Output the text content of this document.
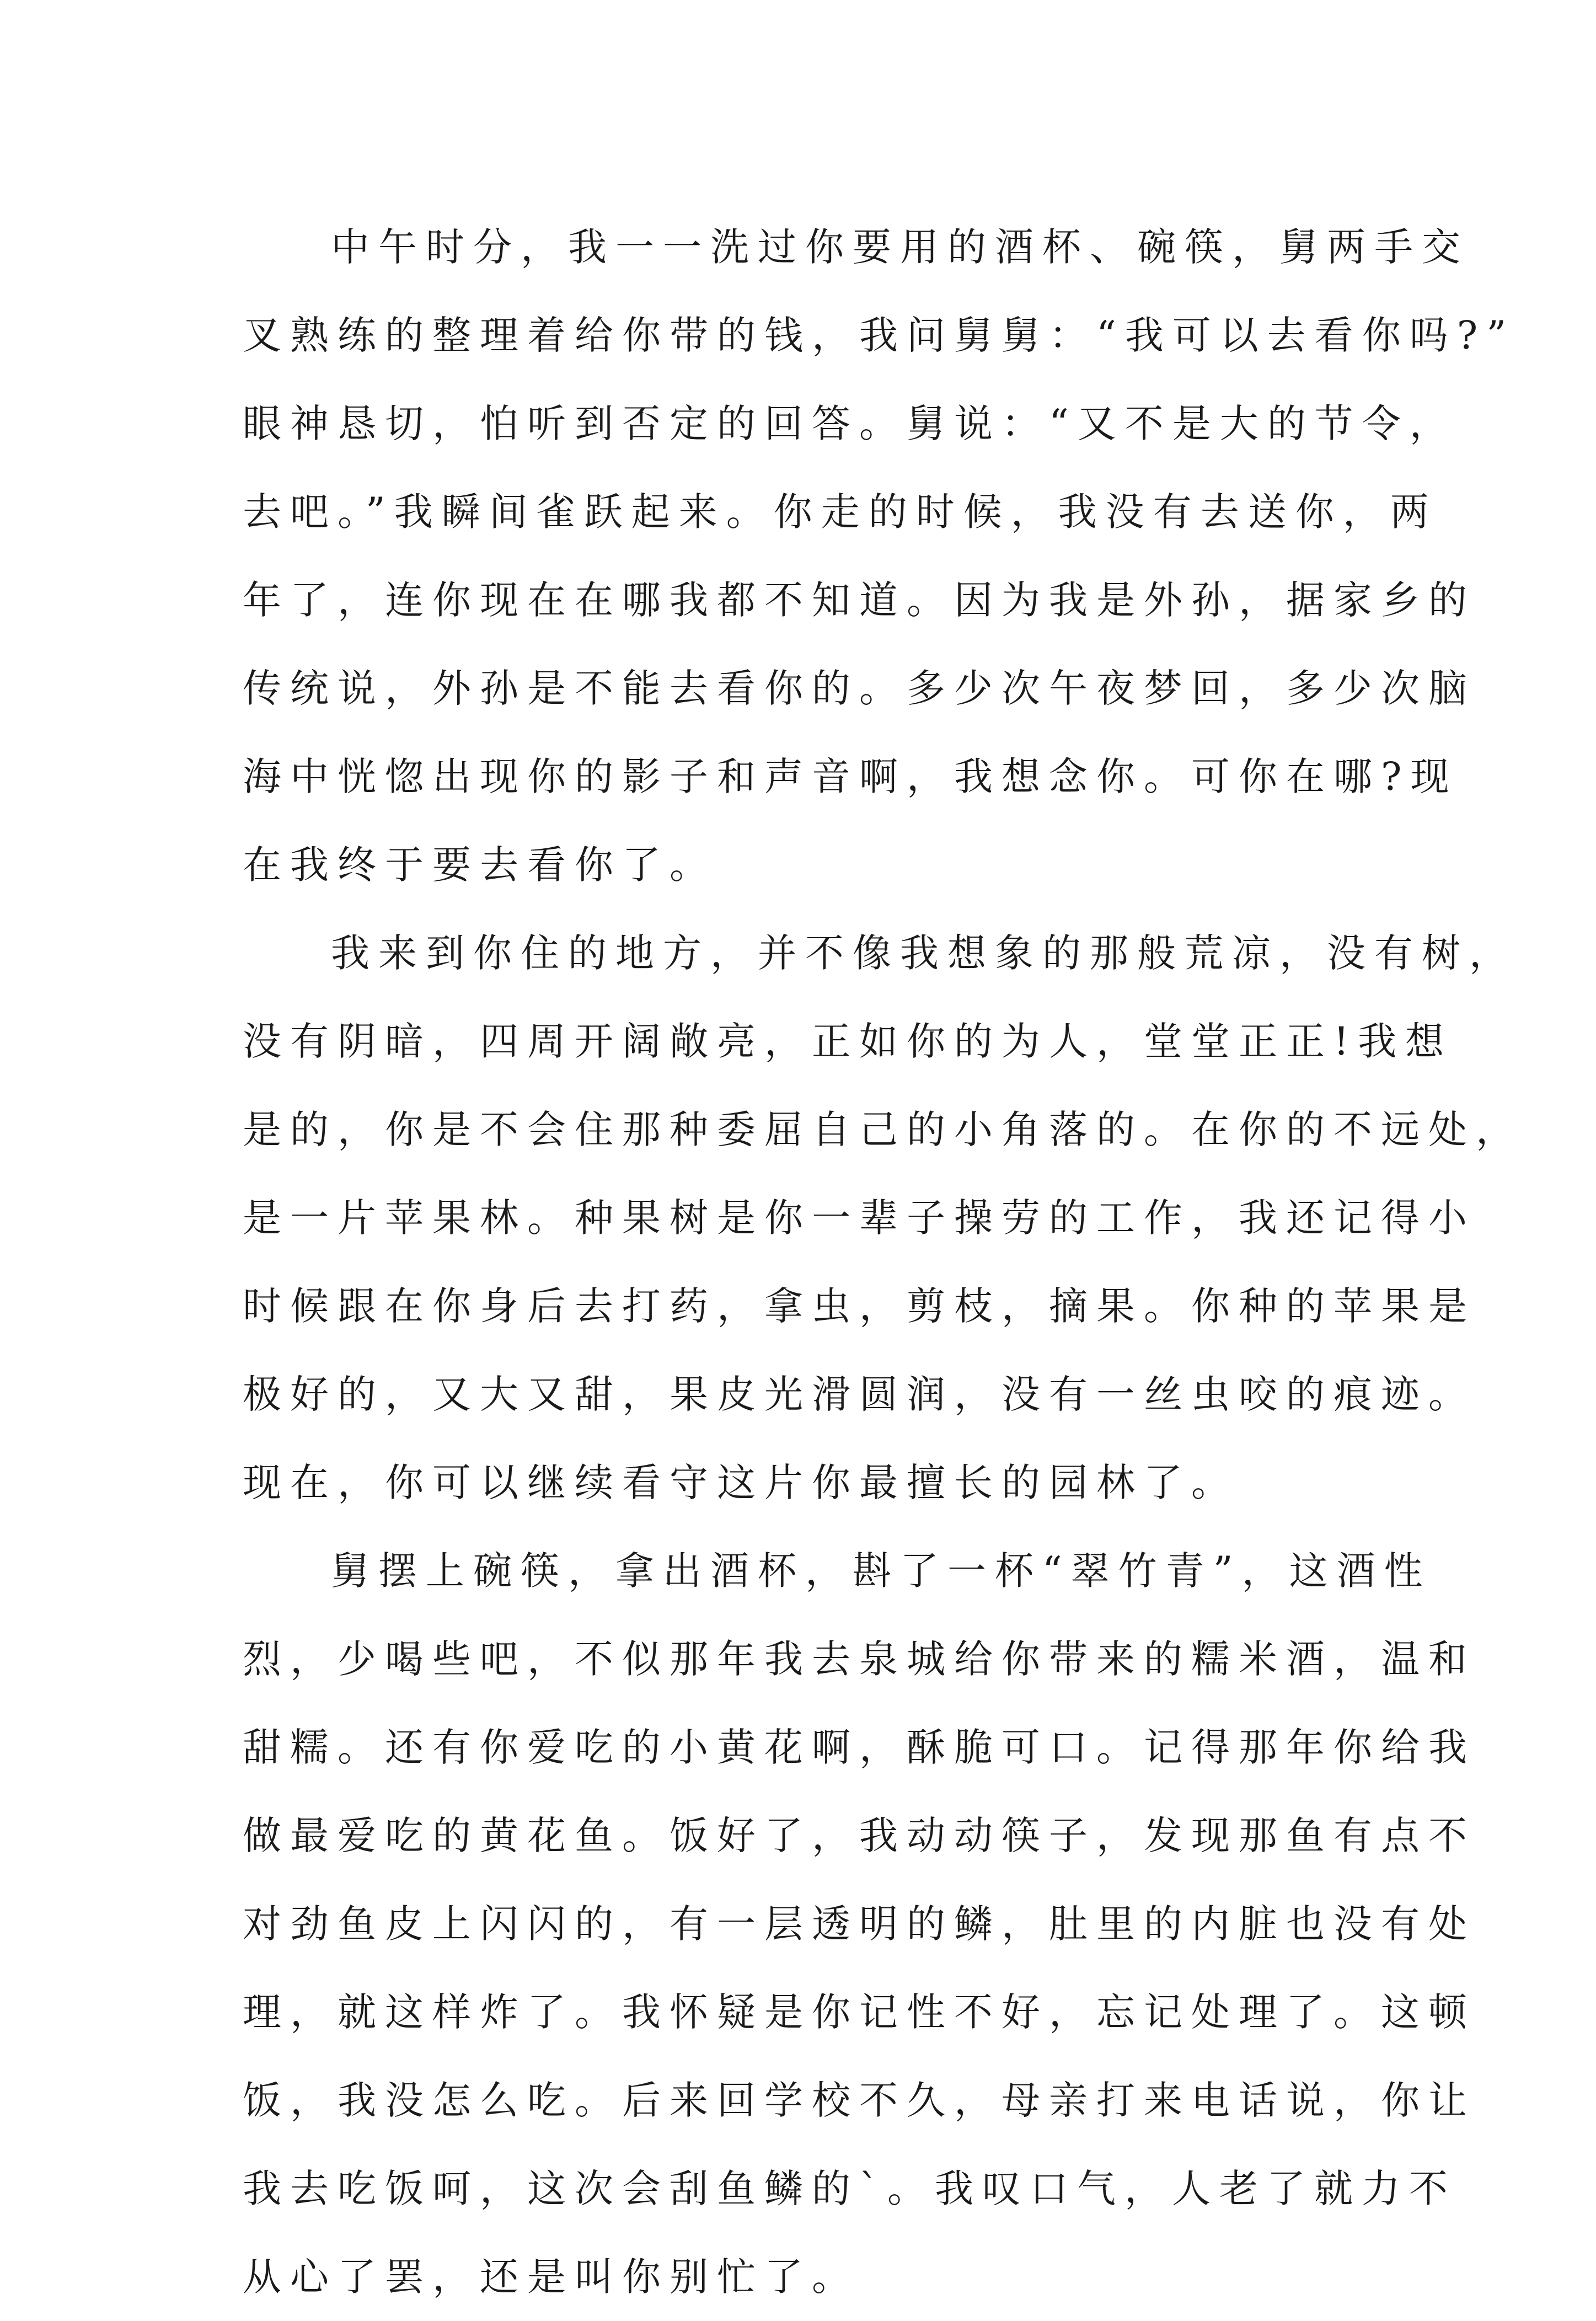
中午时分，我一一洗过你要用的酒杯、碗筷，舅两手交
叉熟练的整理着给你带的钱，我问舅舅：“我可以去看你吗?”
眼神恳切，怕听到否定的回答。舅说：“又不是大的节令，
去吧。”我瞬间雀跃起来。你走的时候，我没有去送你，两
年了，连你现在在哪我都不知道。因为我是外孙，据家乡的
传统说，外孙是不能去看你的。多少次午夜梦回，多少次脑
海中恍惚出现你的影子和声音啊，我想念你。可你在哪?现
在我终于要去看你了。
我来到你住的地方，并不像我想象的那般荒凉，没有树，
没有阴暗，四周开阔敞亮，正如你的为人，堂堂正正!我想
是的，你是不会住那种委屈自己的小角落的。在你的不远处，
是一片苹果林。种果树是你一辈子操劳的工作，我还记得小
时候跟在你身后去打药，拿虫，剪枝，摘果。你种的苹果是
极好的，又大又甜，果皮光滑圆润，没有一丝虫咬的痕迹。
现在，你可以继续看守这片你最擅长的园林了。
舅摆上碗筷，拿出酒杯，斟了一杯“翠竹青”，这酒性
烈，少喝些吧，不似那年我去泉城给你带来的糯米酒，温和
甜糯。还有你爱吃的小黄花啊，酥脆可口。记得那年你给我
做最爱吃的黄花鱼。饭好了，我动动筷子，发现那鱼有点不
对劲鱼皮上闪闪的，有一层透明的鳞，肚里的内脏也没有处
理，就这样炸了。我怀疑是你记性不好，忘记处理了。这顿
饭，我没怎么吃。后来回学校不久，母亲打来电话说，你让
我去吃饭呵，这次会刮鱼鳞的`。我叹口气，人老了就力不
从心了罢，还是叫你别忙了。
